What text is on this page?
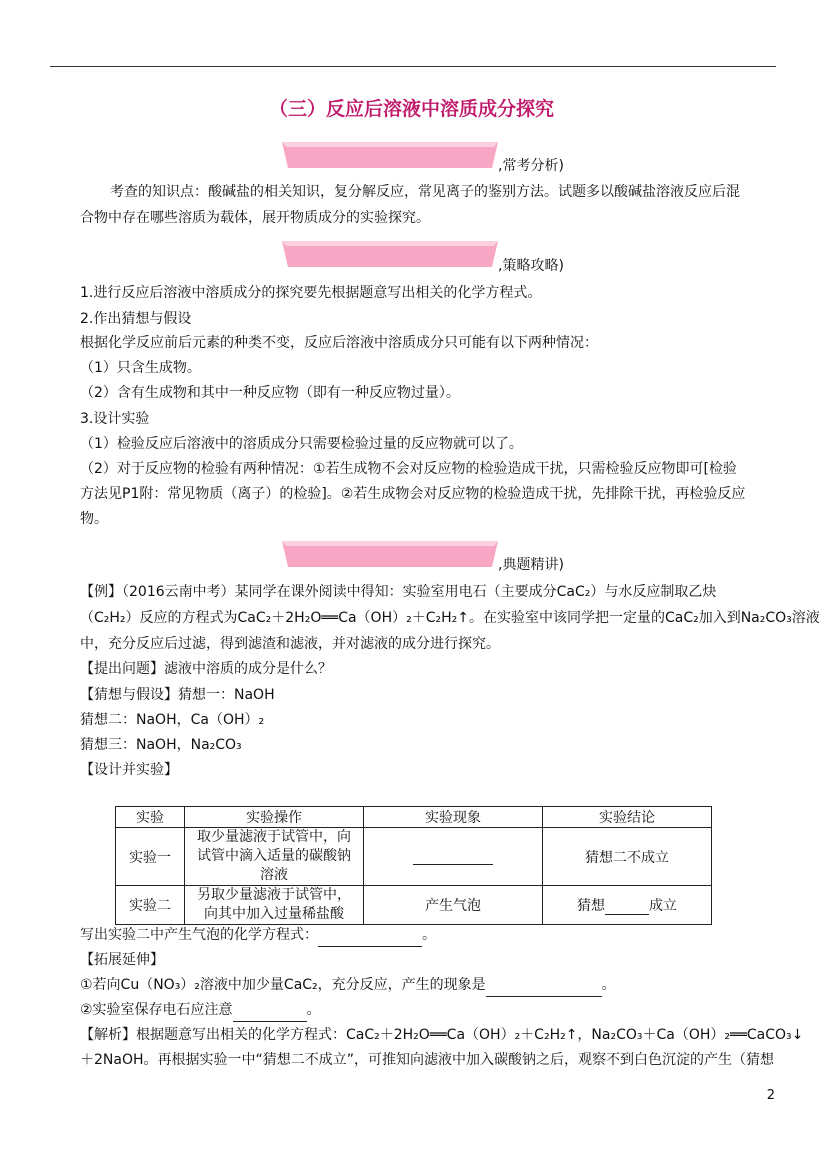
（三）反应后溶液中溶质成分探究
,常考分析)
考查的知识点：酸碱盐的相关知识，复分解反应，常见离子的鉴别方法。试题多以酸碱盐溶液反应后混
合物中存在哪些溶质为载体，展开物质成分的实验探究。
,策略攻略)
1.进行反应后溶液中溶质成分的探究要先根据题意写出相关的化学方程式。
2.作出猜想与假设
根据化学反应前后元素的种类不变，反应后溶液中溶质成分只可能有以下两种情况：
（1）只含生成物。
（2）含有生成物和其中一种反应物（即有一种反应物过量）。
3.设计实验
（1）检验反应后溶液中的溶质成分只需要检验过量的反应物就可以了。
（2）对于反应物的检验有两种情况：①若生成物不会对反应物的检验造成干扰，只需检验反应物即可[检验
方法见P1附：常见物质（离子）的检验]。②若生成物会对反应物的检验造成干扰，先排除干扰，再检验反应
物。
,典题精讲)
【例】（2016云南中考）某同学在课外阅读中得知：实验室用电石（主要成分CaC₂）与水反应制取乙炔
（C₂H₂）反应的方程式为CaC₂＋2H₂O══Ca（OH）₂＋C₂H₂↑。在实验室中该同学把一定量的CaC₂加入到Na₂CO₃溶液
中，充分反应后过滤，得到滤渣和滤液，并对滤液的成分进行探究。
【提出问题】滤液中溶质的成分是什么？
【猜想与假设】猜想一：NaOH
猜想二：NaOH，Ca（OH）₂
猜想三：NaOH，Na₂CO₃
【设计并实验】
实验	实验操作	实验现象	实验结论
实验一	取少量滤液于试管中，向
试管中滴入适量的碳酸钠
溶液		猜想二不成立
实验二	另取少量滤液于试管中，
向其中加入过量稀盐酸	产生气泡	猜想 成立
写出实验二中产生气泡的化学方程式：	。
【拓展延伸】
①若向Cu（NO₃）₂溶液中加少量CaC₂，充分反应，产生的现象是	。
②实验室保存电石应注意	。
【解析】根据题意写出相关的化学方程式：CaC₂＋2H₂O══Ca（OH）₂＋C₂H₂↑，Na₂CO₃＋Ca（OH）₂══CaCO₃↓
＋2NaOH。再根据实验一中“猜想二不成立”，可推知向滤液中加入碳酸钠之后，观察不到白色沉淀的产生（猜想
2
